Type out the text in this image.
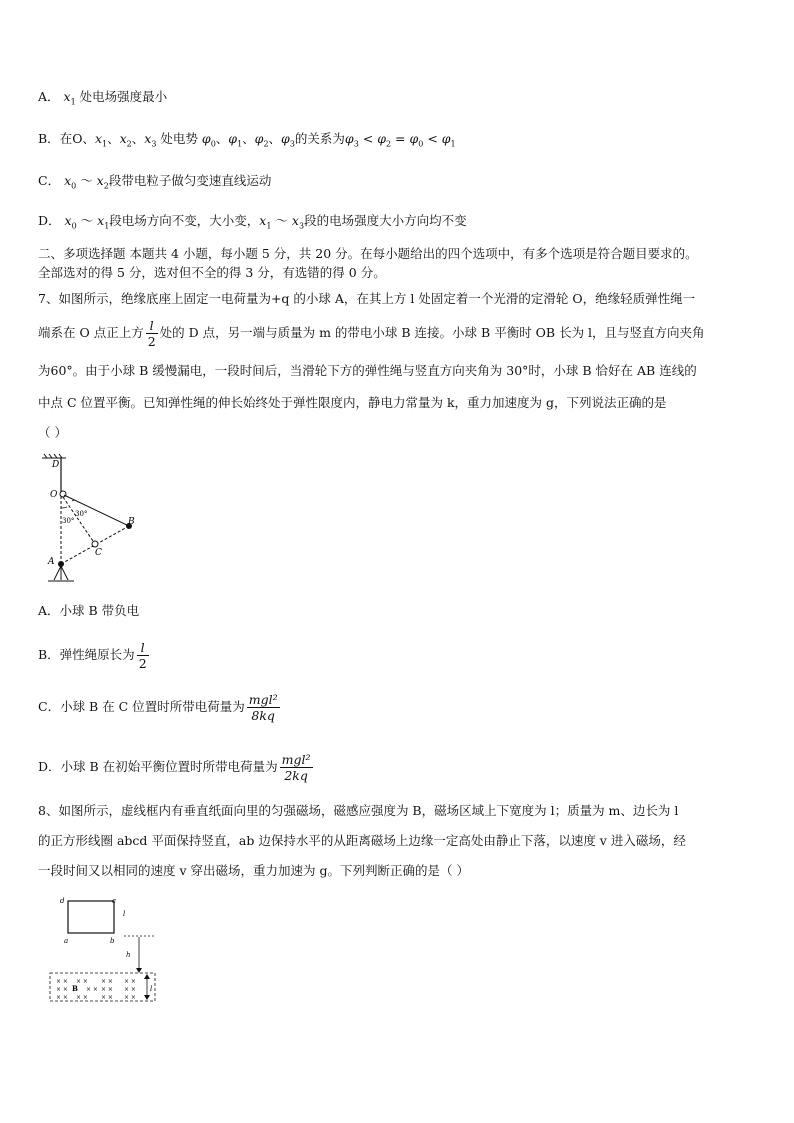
A． $x_1$ 处电场强度最小
B．在O、$x_1$、$x_2$、$x_3$ 处电势 $\varphi_0$、$\varphi_1$、$\varphi_2$、$\varphi_3$的关系为$\varphi_3 < \varphi_2 = \varphi_0 < \varphi_1$
C． $x_0$ ～ $x_2$段带电粒子做匀变速直线运动
D． $x_0$ ～ $x_1$段电场方向不变，大小变，$x_1$ ～ $x_3$段的电场强度大小方向均不变
二、多项选择题 本题共 4 小题，每小题 5 分，共 20 分。在每小题给出的四个选项中，有多个选项是符合题目要求的。
全部选对的得 5 分，选对但不全的得 3 分，有选错的得 0 分。
7、如图所示，绝缘底座上固定一电荷量为+q 的小球 A，在其上方 l 处固定着一个光滑的定滑轮 O，绝缘轻质弹性绳一
端系在 O 点正上方 $\frac{l}{2}$ 处的 D 点，另一端与质量为 m 的带电小球 B 连接。小球 B 平衡时 OB 长为 l，且与竖直方向夹角
为60°。由于小球 B 缓慢漏电，一段时间后，当滑轮下方的弹性绳与竖直方向夹角为 30°时，小球 B 恰好在 AB 连线的
中点 C 位置平衡。已知弹性绳的伸长始终处于弹性限度内，静电力常量为 k，重力加速度为 g，下列说法正确的是
（ ）
D
O
B
A
C
30°
30°
A．小球 B 带负电
B．弹性绳原长为 $\frac{l}{2}$
C．小球 B 在 C 位置时所带电荷量为 $\frac{\text{mgl²}}{8kq}$
D．小球 B 在初始平衡位置时所带电荷量为 $\frac{\text{mgl²}}{2kq}$
8、如图所示，虚线框内有垂直纸面向里的匀强磁场，磁感应强度为 B，磁场区域上下宽度为 l；质量为 m、边长为 l
的正方形线圈 abcd 平面保持竖直，ab 边保持水平的从距离磁场上边缘一定高处由静止下落，以速度 v 进入磁场，经
一段时间又以相同的速度 v 穿出磁场，重力加速为 g。下列判断正确的是（ ）
d	c
a	b
l
h
× × × × × × × ×
× ×	× × × × × ×
× × × × × × × ×
B	l
